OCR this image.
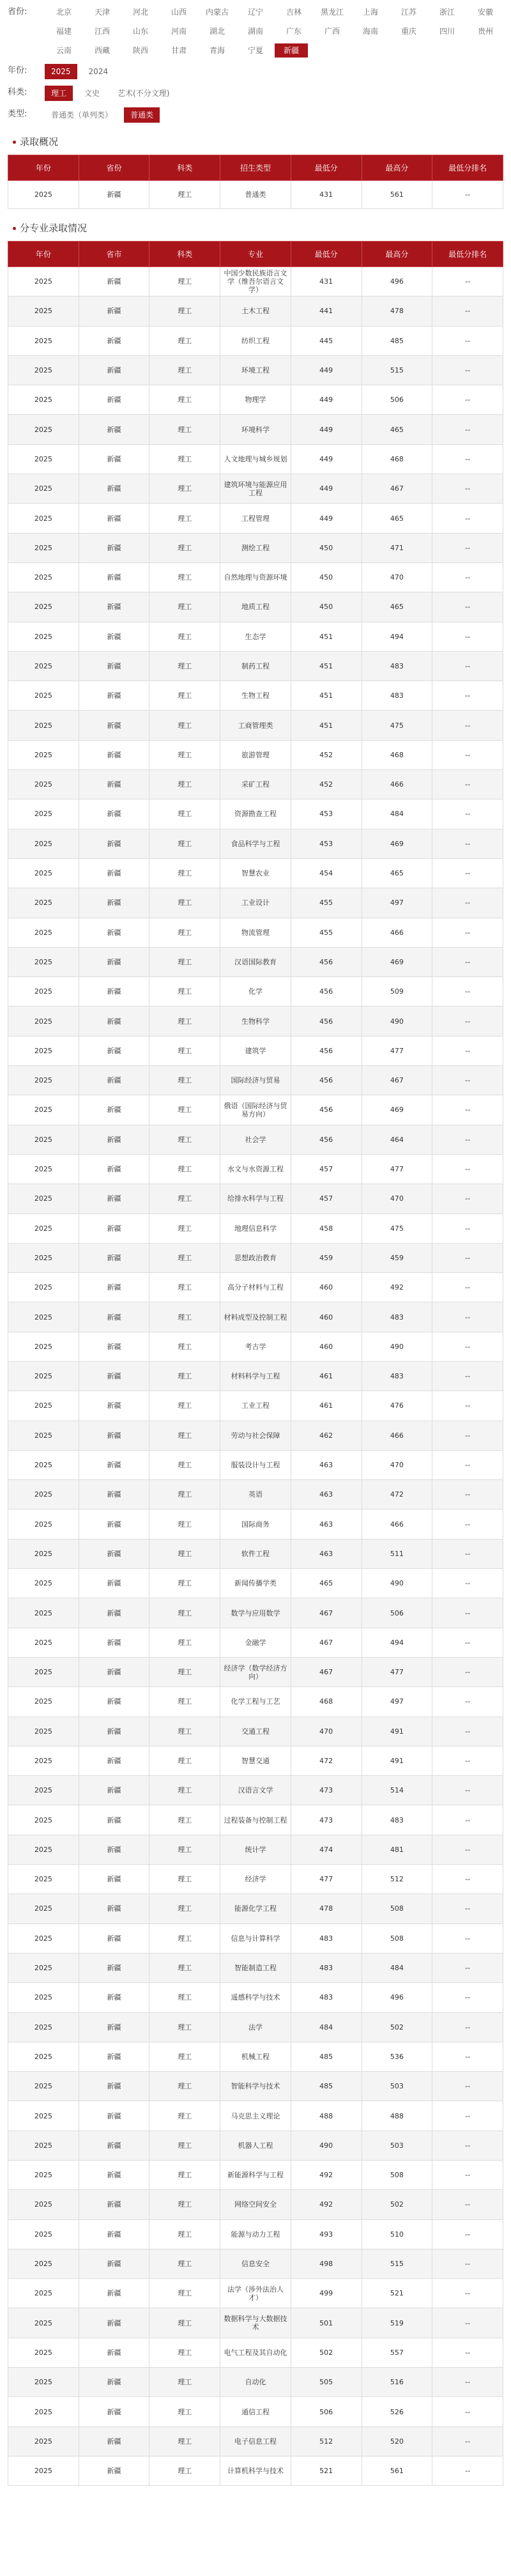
省份:	北京	天津	河北	山西	内蒙古	辽宁	吉林	黑龙江	上海	江苏	浙江	安徽
福建	江西	山东	河南	湖北	湖南	广东	广西	海南	重庆	四川	贵州
云南	西藏	陕西	甘肃	青海	宁夏	新疆
年份:	2025	2024
科类:	理工	文史	艺术(不分文理)
类型:	普通类（单列类）	普通类
录取概况
年份	省份	科类	招生类型	最低分	最高分	最低分排名
2025	新疆	理工	普通类	431	561	--
分专业录取情况
年份	省市	科类	专业	最低分	最高分	最低分排名
2025	新疆	理工	中国少数民族语言文学（维吾尔语言文学）	431	496	--
2025	新疆	理工	土木工程	441	478	--
2025	新疆	理工	纺织工程	445	485	--
2025	新疆	理工	环境工程	449	515	--
2025	新疆	理工	物理学	449	506	--
2025	新疆	理工	环境科学	449	465	--
2025	新疆	理工	人文地理与城乡规划	449	468	--
2025	新疆	理工	建筑环境与能源应用工程	449	467	--
2025	新疆	理工	工程管理	449	465	--
2025	新疆	理工	测绘工程	450	471	--
2025	新疆	理工	自然地理与资源环境	450	470	--
2025	新疆	理工	地质工程	450	465	--
2025	新疆	理工	生态学	451	494	--
2025	新疆	理工	制药工程	451	483	--
2025	新疆	理工	生物工程	451	483	--
2025	新疆	理工	工商管理类	451	475	--
2025	新疆	理工	旅游管理	452	468	--
2025	新疆	理工	采矿工程	452	466	--
2025	新疆	理工	资源勘查工程	453	484	--
2025	新疆	理工	食品科学与工程	453	469	--
2025	新疆	理工	智慧农业	454	465	--
2025	新疆	理工	工业设计	455	497	--
2025	新疆	理工	物流管理	455	466	--
2025	新疆	理工	汉语国际教育	456	469	--
2025	新疆	理工	化学	456	509	--
2025	新疆	理工	生物科学	456	490	--
2025	新疆	理工	建筑学	456	477	--
2025	新疆	理工	国际经济与贸易	456	467	--
2025	新疆	理工	俄语（国际经济与贸易方向）	456	469	--
2025	新疆	理工	社会学	456	464	--
2025	新疆	理工	水文与水资源工程	457	477	--
2025	新疆	理工	给排水科学与工程	457	470	--
2025	新疆	理工	地理信息科学	458	475	--
2025	新疆	理工	思想政治教育	459	459	--
2025	新疆	理工	高分子材料与工程	460	492	--
2025	新疆	理工	材料成型及控制工程	460	483	--
2025	新疆	理工	考古学	460	490	--
2025	新疆	理工	材料科学与工程	461	483	--
2025	新疆	理工	工业工程	461	476	--
2025	新疆	理工	劳动与社会保障	462	466	--
2025	新疆	理工	服装设计与工程	463	470	--
2025	新疆	理工	英语	463	472	--
2025	新疆	理工	国际商务	463	466	--
2025	新疆	理工	软件工程	463	511	--
2025	新疆	理工	新闻传播学类	465	490	--
2025	新疆	理工	数学与应用数学	467	506	--
2025	新疆	理工	金融学	467	494	--
2025	新疆	理工	经济学（数学经济方向）	467	477	--
2025	新疆	理工	化学工程与工艺	468	497	--
2025	新疆	理工	交通工程	470	491	--
2025	新疆	理工	智慧交通	472	491	--
2025	新疆	理工	汉语言文学	473	514	--
2025	新疆	理工	过程装备与控制工程	473	483	--
2025	新疆	理工	统计学	474	481	--
2025	新疆	理工	经济学	477	512	--
2025	新疆	理工	能源化学工程	478	508	--
2025	新疆	理工	信息与计算科学	483	508	--
2025	新疆	理工	智能制造工程	483	484	--
2025	新疆	理工	遥感科学与技术	483	496	--
2025	新疆	理工	法学	484	502	--
2025	新疆	理工	机械工程	485	536	--
2025	新疆	理工	智能科学与技术	485	503	--
2025	新疆	理工	马克思主义理论	488	488	--
2025	新疆	理工	机器人工程	490	503	--
2025	新疆	理工	新能源科学与工程	492	508	--
2025	新疆	理工	网络空间安全	492	502	--
2025	新疆	理工	能源与动力工程	493	510	--
2025	新疆	理工	信息安全	498	515	--
2025	新疆	理工	法学（涉外法治人才）	499	521	--
2025	新疆	理工	数据科学与大数据技术	501	519	--
2025	新疆	理工	电气工程及其自动化	502	557	--
2025	新疆	理工	自动化	505	516	--
2025	新疆	理工	通信工程	506	526	--
2025	新疆	理工	电子信息工程	512	520	--
2025	新疆	理工	计算机科学与技术	521	561	--
